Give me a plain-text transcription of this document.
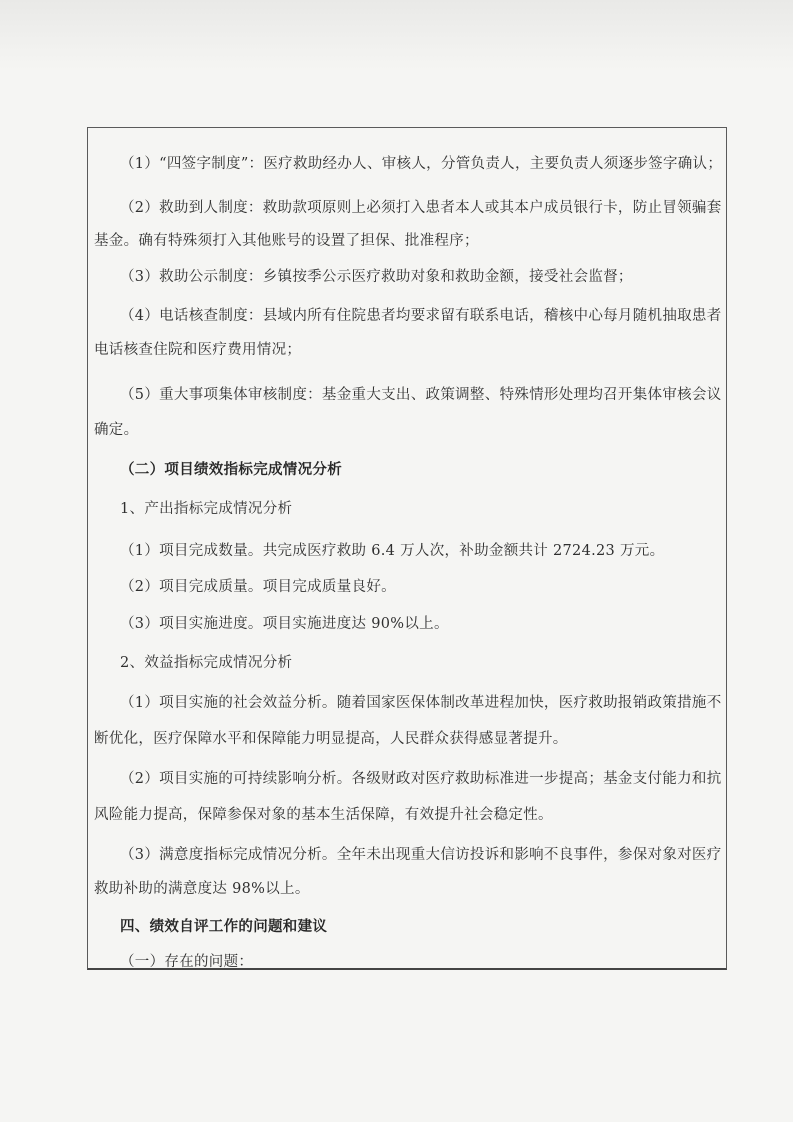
（1）“四签字制度”：医疗救助经办人、审核人，分管负责人，主要负责人须逐步签字确认；
（2）救助到人制度：救助款项原则上必须打入患者本人或其本户成员银行卡，防止冒领骗套
基金。确有特殊须打入其他账号的设置了担保、批准程序；
（3）救助公示制度：乡镇按季公示医疗救助对象和救助金额，接受社会监督；
（4）电话核查制度：县域内所有住院患者均要求留有联系电话，稽核中心每月随机抽取患者
电话核查住院和医疗费用情况；
（5）重大事项集体审核制度：基金重大支出、政策调整、特殊情形处理均召开集体审核会议
确定。
（二）项目绩效指标完成情况分析
1、产出指标完成情况分析
（1）项目完成数量。共完成医疗救助 6.4 万人次，补助金额共计 2724.23 万元。
（2）项目完成质量。项目完成质量良好。
（3）项目实施进度。项目实施进度达 90%以上。
2、效益指标完成情况分析
（1）项目实施的社会效益分析。随着国家医保体制改革进程加快，医疗救助报销政策措施不
断优化，医疗保障水平和保障能力明显提高，人民群众获得感显著提升。
（2）项目实施的可持续影响分析。各级财政对医疗救助标准进一步提高；基金支付能力和抗
风险能力提高，保障参保对象的基本生活保障，有效提升社会稳定性。
（3）满意度指标完成情况分析。全年未出现重大信访投诉和影响不良事件，参保对象对医疗
救助补助的满意度达 98%以上。
四、绩效自评工作的问题和建议
（一）存在的问题：
